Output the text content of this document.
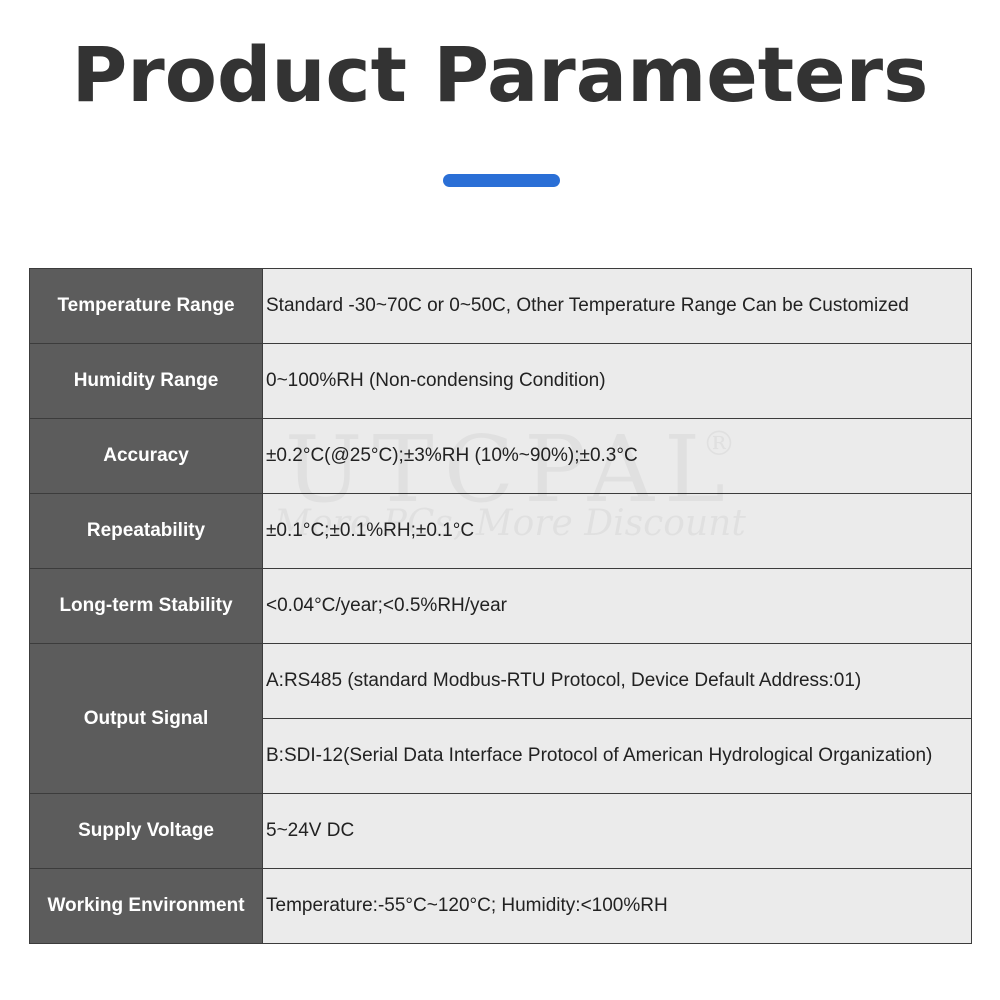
Product Parameters
Temperature Range	Standard -30~70C or 0~50C, Other Temperature Range Can be Customized
Humidity Range	0~100%RH (Non-condensing Condition)
Accuracy	±0.2°C(@25°C);±3%RH (10%~90%);±0.3°C
Repeatability	±0.1°C;±0.1%RH;±0.1°C
Long-term Stability	<0.04°C/year;<0.5%RH/year
Output Signal	A:RS485 (standard Modbus-RTU Protocol, Device Default Address:01)
	B:SDI-12(Serial Data Interface Protocol of American Hydrological Organization)
Supply Voltage	5~24V DC
Working Environment	Temperature:-55°C~120°C; Humidity:<100%RH
